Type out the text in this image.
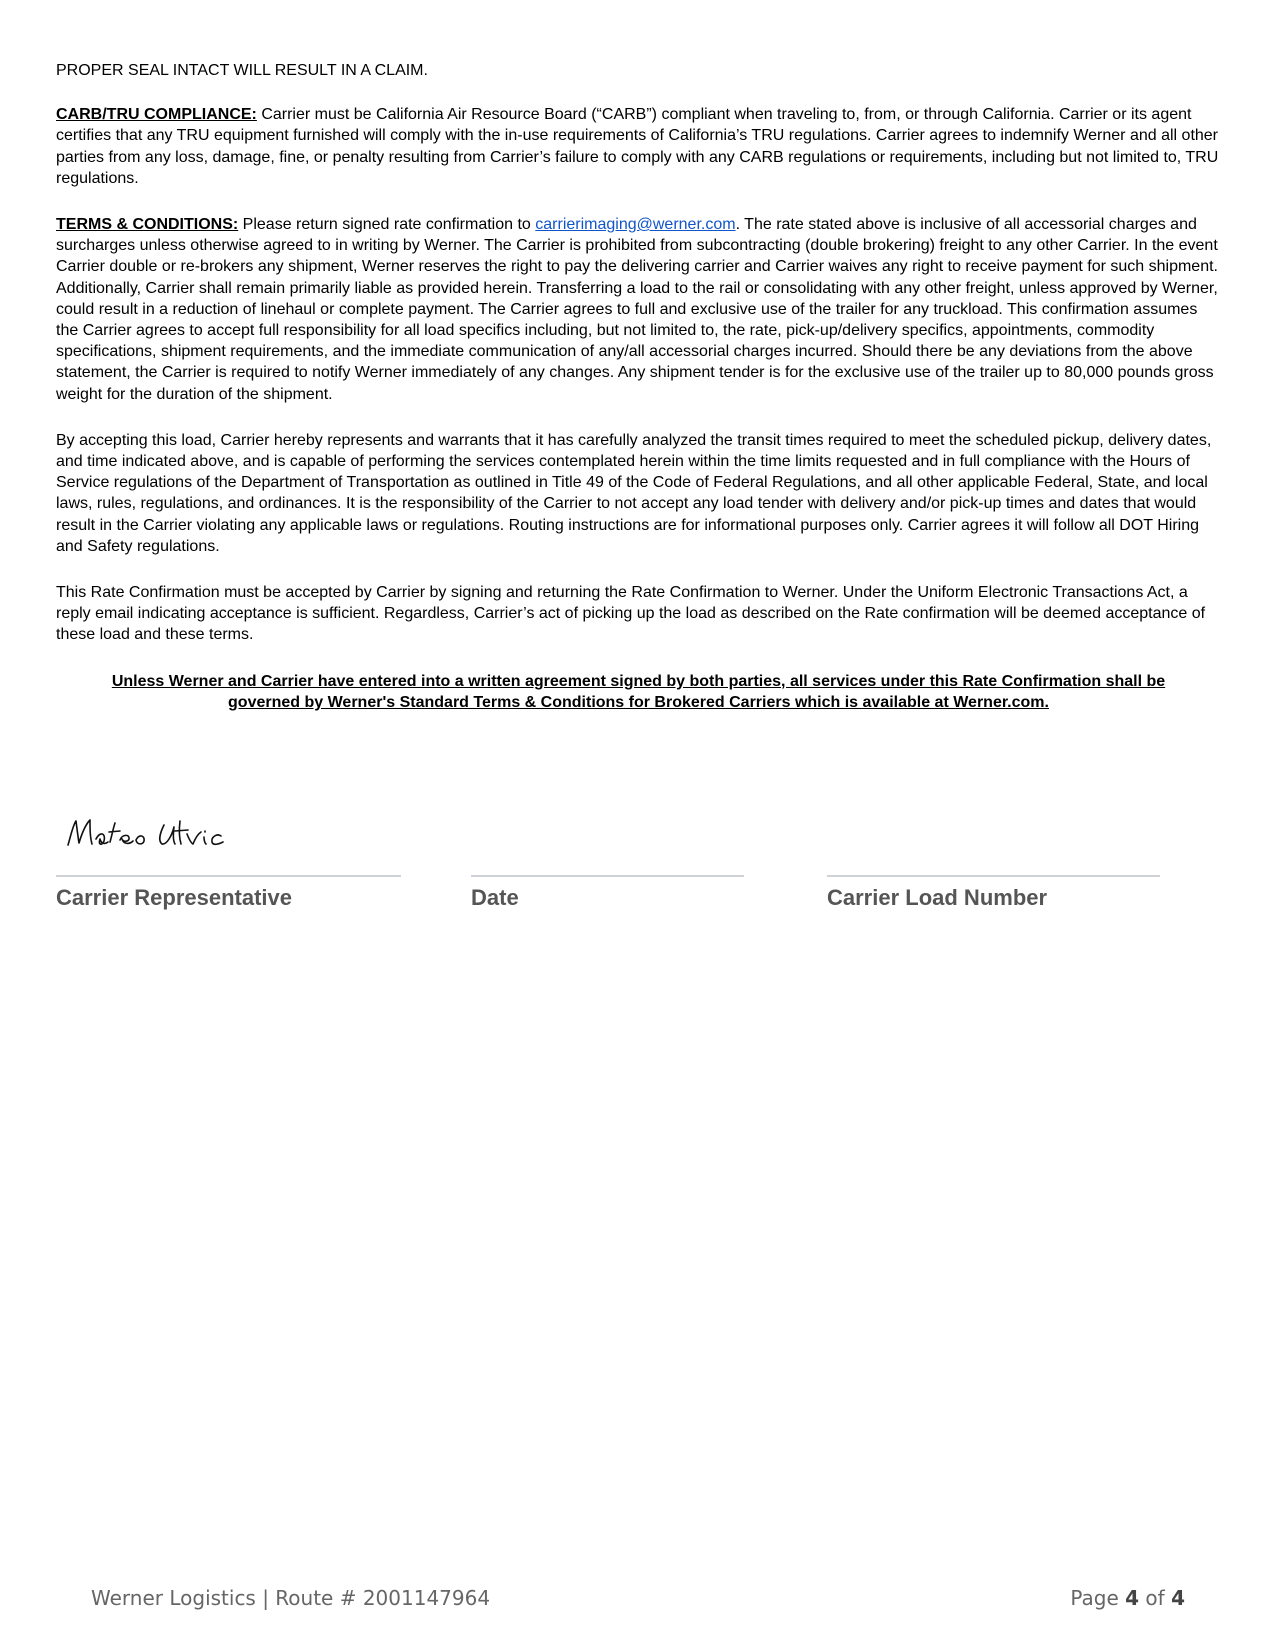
PROPER SEAL INTACT WILL RESULT IN A CLAIM.

CARB/TRU COMPLIANCE: Carrier must be California Air Resource Board (“CARB”) compliant when traveling to, from, or through California. Carrier or its agent certifies that any TRU equipment furnished will comply with the in-use requirements of California’s TRU regulations. Carrier agrees to indemnify Werner and all other parties from any loss, damage, fine, or penalty resulting from Carrier’s failure to comply with any CARB regulations or requirements, including but not limited to, TRU regulations.

TERMS & CONDITIONS: Please return signed rate confirmation to carrierimaging@werner.com. The rate stated above is inclusive of all accessorial charges and surcharges unless otherwise agreed to in writing by Werner. The Carrier is prohibited from subcontracting (double brokering) freight to any other Carrier. In the event Carrier double or re-brokers any shipment, Werner reserves the right to pay the delivering carrier and Carrier waives any right to receive payment for such shipment. Additionally, Carrier shall remain primarily liable as provided herein. Transferring a load to the rail or consolidating with any other freight, unless approved by Werner, could result in a reduction of linehaul or complete payment. The Carrier agrees to full and exclusive use of the trailer for any truckload. This confirmation assumes the Carrier agrees to accept full responsibility for all load specifics including, but not limited to, the rate, pick-up/delivery specifics, appointments, commodity specifications, shipment requirements, and the immediate communication of any/all accessorial charges incurred. Should there be any deviations from the above statement, the Carrier is required to notify Werner immediately of any changes. Any shipment tender is for the exclusive use of the trailer up to 80,000 pounds gross weight for the duration of the shipment.

By accepting this load, Carrier hereby represents and warrants that it has carefully analyzed the transit times required to meet the scheduled pickup, delivery dates, and time indicated above, and is capable of performing the services contemplated herein within the time limits requested and in full compliance with the Hours of Service regulations of the Department of Transportation as outlined in Title 49 of the Code of Federal Regulations, and all other applicable Federal, State, and local laws, rules, regulations, and ordinances. It is the responsibility of the Carrier to not accept any load tender with delivery and/or pick-up times and dates that would result in the Carrier violating any applicable laws or regulations. Routing instructions are for informational purposes only. Carrier agrees it will follow all DOT Hiring and Safety regulations.

This Rate Confirmation must be accepted by Carrier by signing and returning the Rate Confirmation to Werner. Under the Uniform Electronic Transactions Act, a reply email indicating acceptance is sufficient. Regardless, Carrier’s act of picking up the load as described on the Rate confirmation will be deemed acceptance of these load and these terms.

Unless Werner and Carrier have entered into a written agreement signed by both parties, all services under this Rate Confirmation shall be governed by Werner's Standard Terms & Conditions for Brokered Carriers which is available at Werner.com.

Carrier Representative	Date	Carrier Load Number
Werner Logistics | Route # 2001147964	Page 4 of 4
